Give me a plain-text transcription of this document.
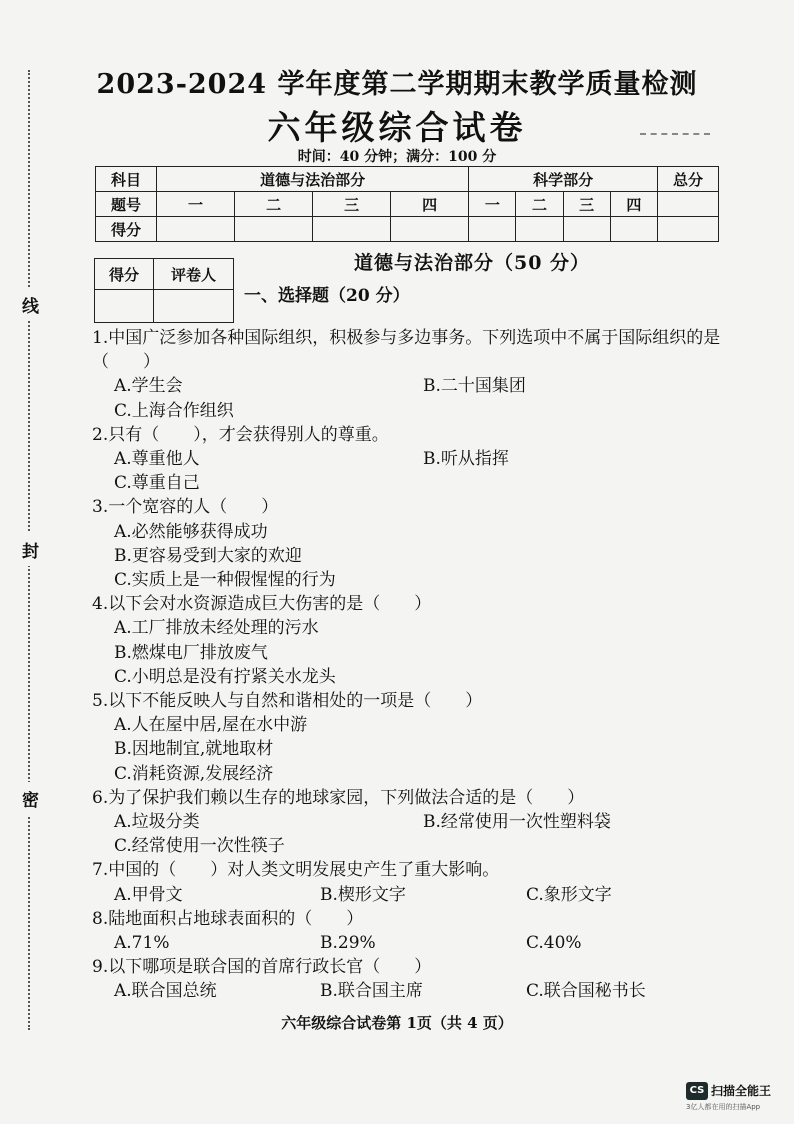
线
封
密
2023-2024 学年度第二学期期末教学质量检测
六年级综合试卷
时间：40 分钟；满分：100 分
科目	道德与法治部分				科学部分				总分
题号	一	二	三	四	一	二	三	四	
得分									
得分	评卷人

道德与法治部分（50 分）
一、选择题（20 分）
1.中国广泛参加各种国际组织，积极参与多边事务。下列选项中不属于国际组织的是（　　）
A.学生会	B.二十国集团
C.上海合作组织
2.只有（　　），才会获得别人的尊重。
A.尊重他人	B.听从指挥
C.尊重自己
3.一个宽容的人（　　）
A.必然能够获得成功
B.更容易受到大家的欢迎
C.实质上是一种假惺惺的行为
4.以下会对水资源造成巨大伤害的是（　　）
A.工厂排放未经处理的污水
B.燃煤电厂排放废气
C.小明总是没有拧紧关水龙头
5.以下不能反映人与自然和谐相处的一项是（　　）
A.人在屋中居,屋在水中游
B.因地制宜,就地取材
C.消耗资源,发展经济
6.为了保护我们赖以生存的地球家园，下列做法合适的是（　　）
A.垃圾分类	B.经常使用一次性塑料袋
C.经常使用一次性筷子
7.中国的（　　）对人类文明发展史产生了重大影响。
A.甲骨文	B.楔形文字	C.象形文字
8.陆地面积占地球表面积的（　　）
A.71%	B.29%	C.40%
9.以下哪项是联合国的首席行政长官（　　）
A.联合国总统	B.联合国主席	C.联合国秘书长
六年级综合试卷第 1页（共 4 页）
CS 扫描全能王
3亿人都在用的扫描App
